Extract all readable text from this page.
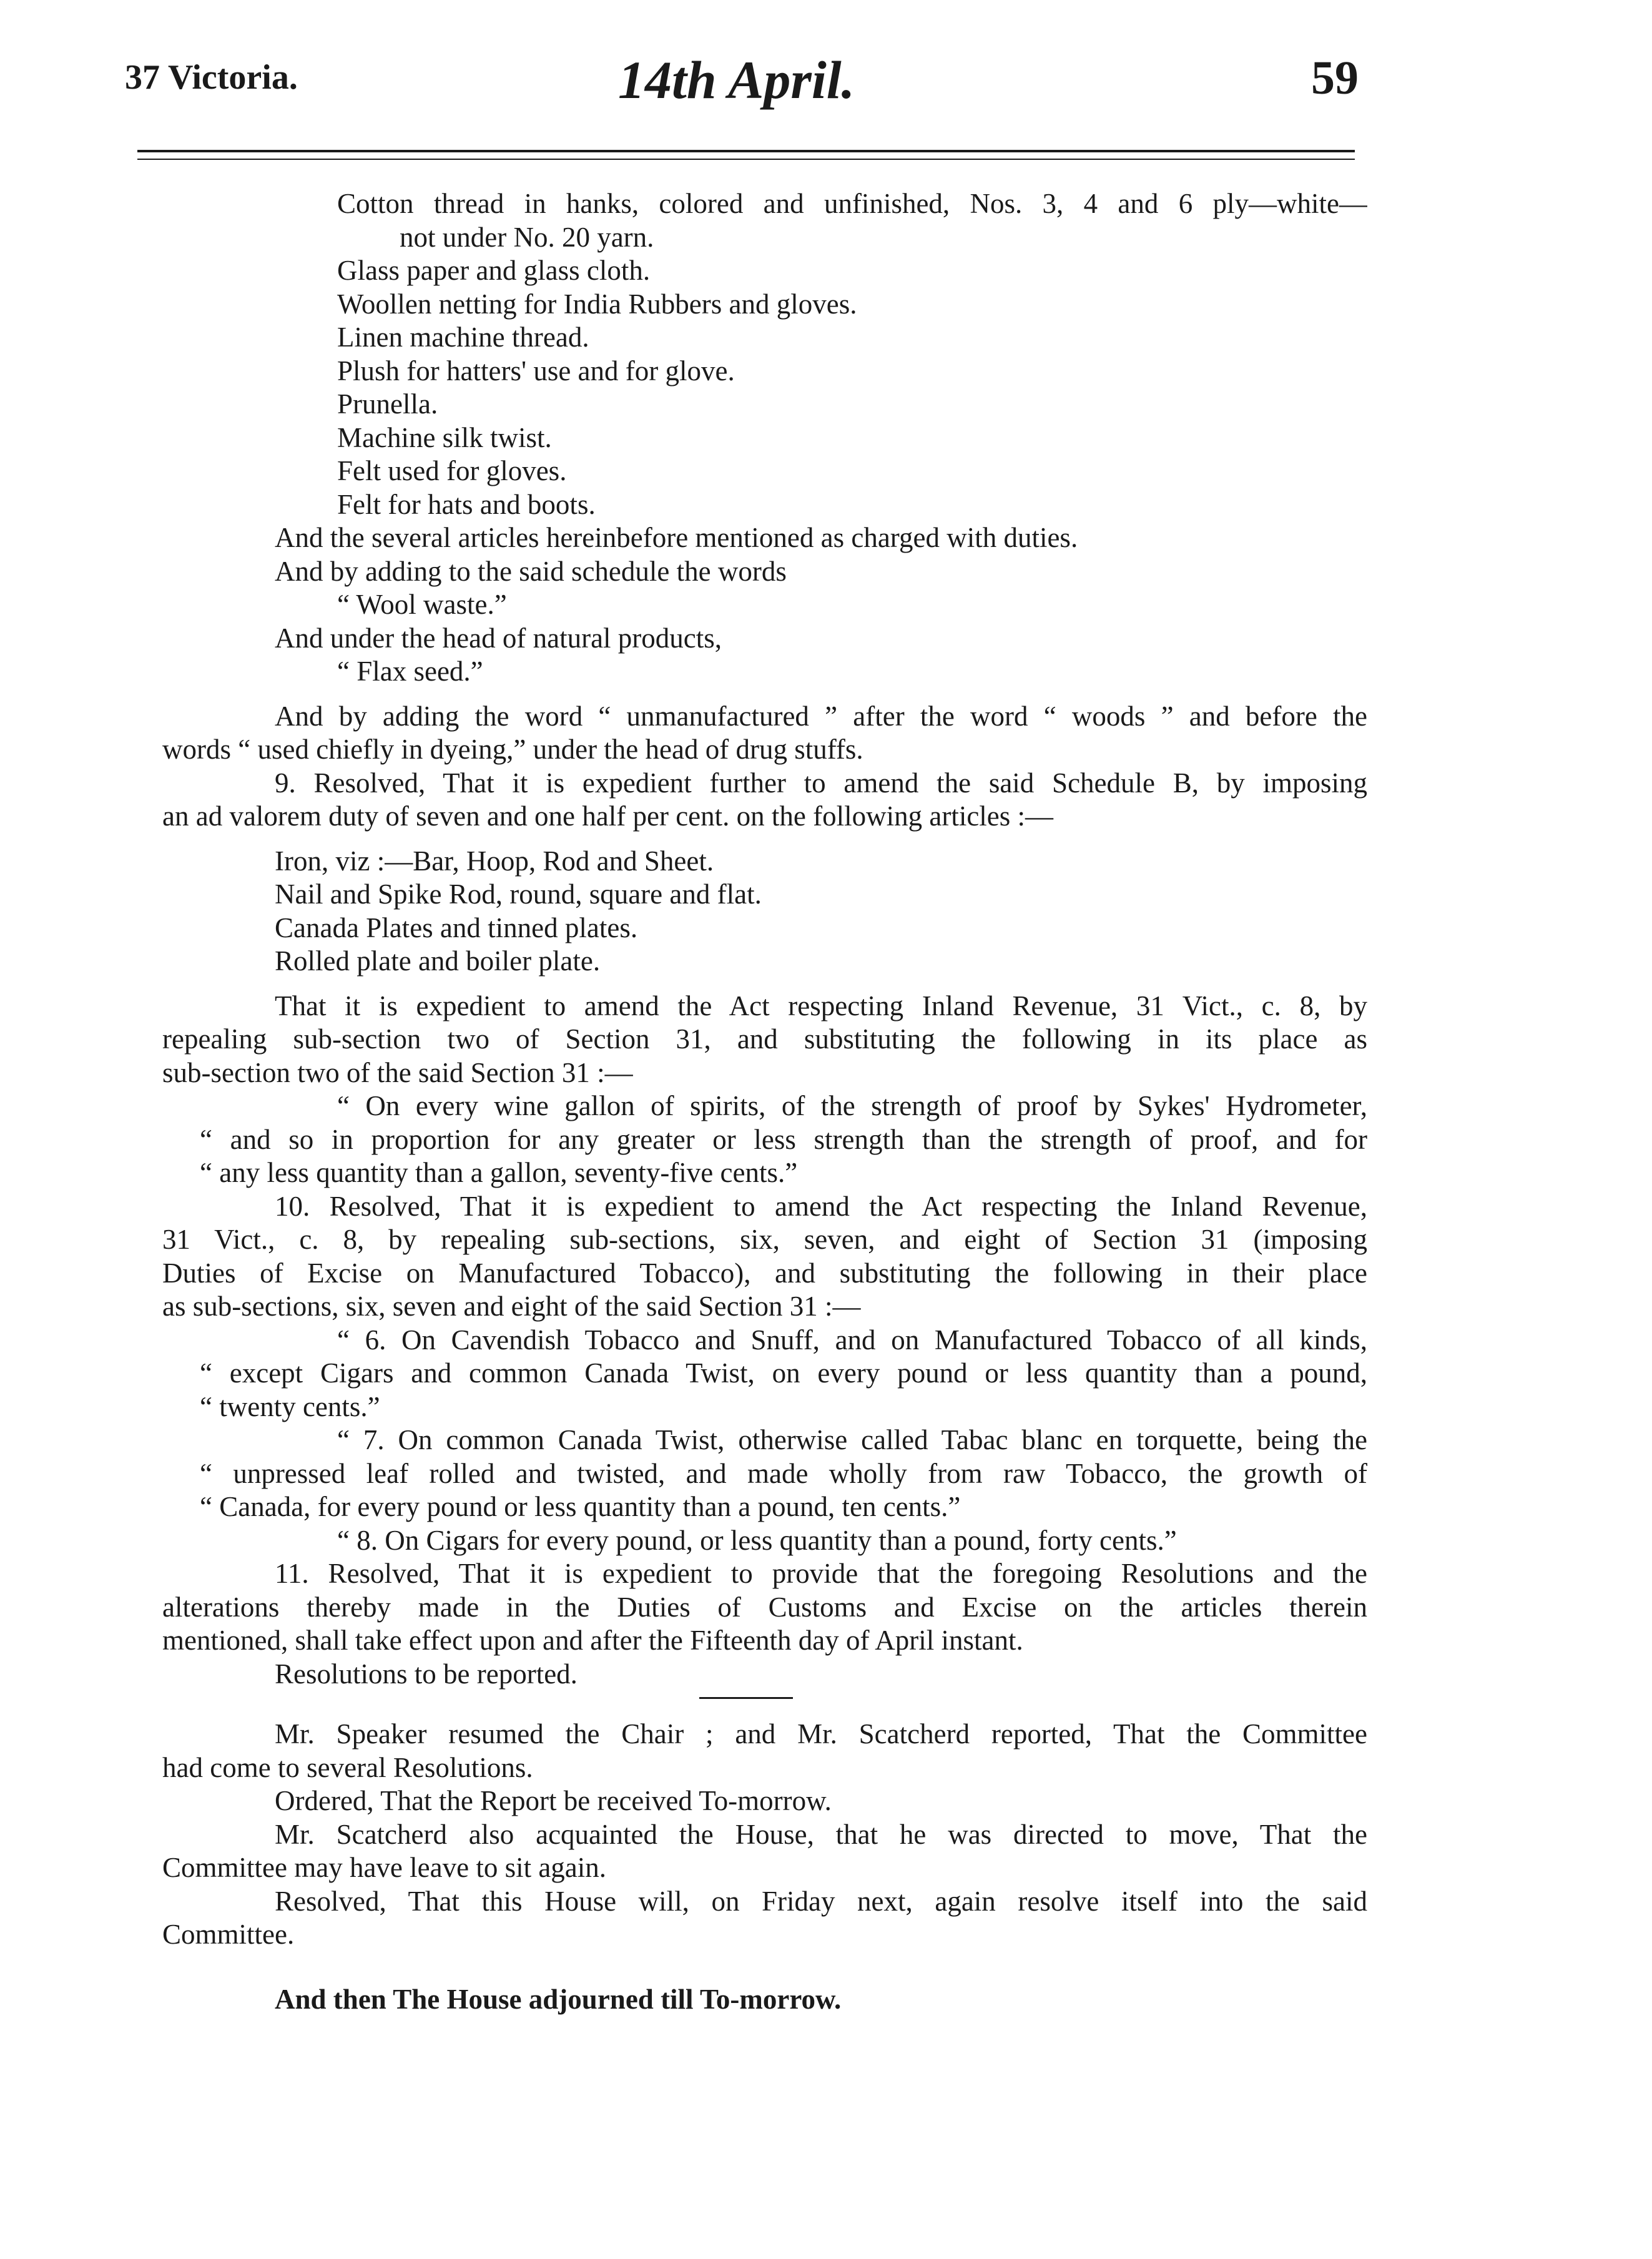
37 Victoria.	14th April.	59
Cotton thread in hanks, colored and unfinished, Nos. 3, 4 and 6 ply—white—
not under No. 20 yarn.
Glass paper and glass cloth.
Woollen netting for India Rubbers and gloves.
Linen machine thread.
Plush for hatters' use and for glove.
Prunella.
Machine silk twist.
Felt used for gloves.
Felt for hats and boots.
And the several articles hereinbefore mentioned as charged with duties.
And by adding to the said schedule the words
“ Wool waste.”
And under the head of natural products,
“ Flax seed.”
And by adding the word “ unmanufactured ” after the word “ woods ” and before the
words “ used chiefly in dyeing,” under the head of drug stuffs.
9. Resolved, That it is expedient further to amend the said Schedule B, by imposing
an ad valorem duty of seven and one half per cent. on the following articles :—
Iron, viz :—Bar, Hoop, Rod and Sheet.
Nail and Spike Rod, round, square and flat.
Canada Plates and tinned plates.
Rolled plate and boiler plate.
That it is expedient to amend the Act respecting Inland Revenue, 31 Vict., c. 8, by
repealing sub-section two of Section 31, and substituting the following in its place as
sub-section two of the said Section 31 :—
“ On every wine gallon of spirits, of the strength of proof by Sykes' Hydrometer,
“ and so in proportion for any greater or less strength than the strength of proof, and for
“ any less quantity than a gallon, seventy-five cents.”
10. Resolved, That it is expedient to amend the Act respecting the Inland Revenue,
31 Vict., c. 8, by repealing sub-sections, six, seven, and eight of Section 31 (imposing
Duties of Excise on Manufactured Tobacco), and substituting the following in their place
as sub-sections, six, seven and eight of the said Section 31 :—
“ 6. On Cavendish Tobacco and Snuff, and on Manufactured Tobacco of all kinds,
“ except Cigars and common Canada Twist, on every pound or less quantity than a pound,
“ twenty cents.”
“ 7. On common Canada Twist, otherwise called Tabac blanc en torquette, being the
“ unpressed leaf rolled and twisted, and made wholly from raw Tobacco, the growth of
“ Canada, for every pound or less quantity than a pound, ten cents.”
“ 8. On Cigars for every pound, or less quantity than a pound, forty cents.”
11. Resolved, That it is expedient to provide that the foregoing Resolutions and the
alterations thereby made in the Duties of Customs and Excise on the articles therein
mentioned, shall take effect upon and after the Fifteenth day of April instant.
Resolutions to be reported.
Mr. Speaker resumed the Chair ; and Mr. Scatcherd reported, That the Committee
had come to several Resolutions.
Ordered, That the Report be received To-morrow.
Mr. Scatcherd also acquainted the House, that he was directed to move, That the
Committee may have leave to sit again.
Resolved, That this House will, on Friday next, again resolve itself into the said
Committee.
And then The House adjourned till To-morrow.
